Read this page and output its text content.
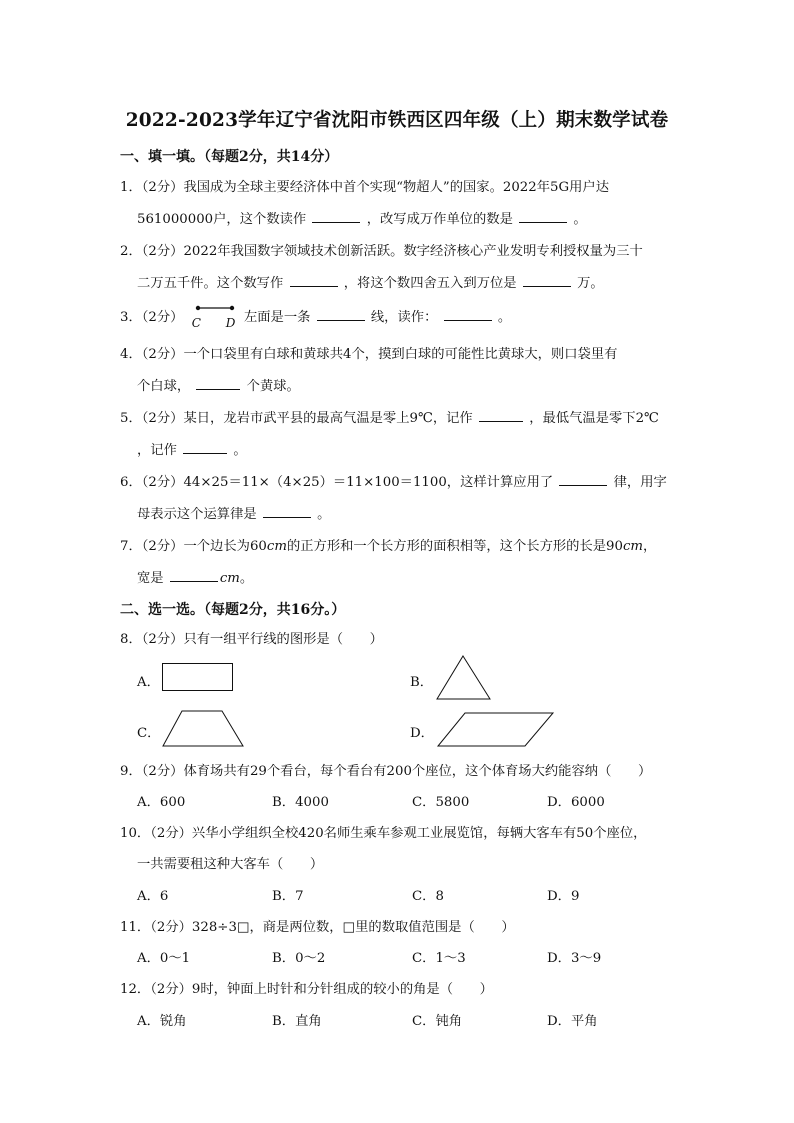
2022-2023学年辽宁省沈阳市铁西区四年级（上）期末数学试卷
一、填一填。（每题2分，共14分）
1．（2分）我国成为全球主要经济体中首个实现“物超人”的国家。2022年5G用户达
561000000户，这个数读作	，改写成万作单位的数是	。
2．（2分）2022年我国数字领域技术创新活跃。数字经济核心产业发明专利授权量为三十
二万五千件。这个数写作	，将这个数四舍五入到万位是	万。
3．（2分） C D 左面是一条	线，读作：	。
4．（2分）一个口袋里有白球和黄球共4个，摸到白球的可能性比黄球大，则口袋里有
个白球，	个黄球。
5．（2分）某日，龙岩市武平县的最高气温是零上9℃，记作	，最低气温是零下2℃
，记作	。
6．（2分）44×25＝11×（4×25）＝11×100＝1100，这样计算应用了	律，用字
母表示这个运算律是	。
7．（2分）一个边长为60cm的正方形和一个长方形的面积相等，这个长方形的长是90cm，
宽是	cm。
二、选一选。（每题2分，共16分。）
8．（2分）只有一组平行线的图形是（　　）
A．	B．
C．	D．
9．（2分）体育场共有29个看台，每个看台有200个座位，这个体育场大约能容纳（　　）
A．600	B．4000	C．5800	D．6000
10．（2分）兴华小学组织全校420名师生乘车参观工业展览馆，每辆大客车有50个座位，
一共需要租这种大客车（　　）
A．6	B．7	C．8	D．9
11．（2分）328÷3□，商是两位数，□里的数取值范围是（　　）
A．0～1	B．0～2	C．1～3	D．3～9
12．（2分）9时，钟面上时针和分针组成的较小的角是（　　）
A．锐角	B．直角	C．钝角	D．平角
